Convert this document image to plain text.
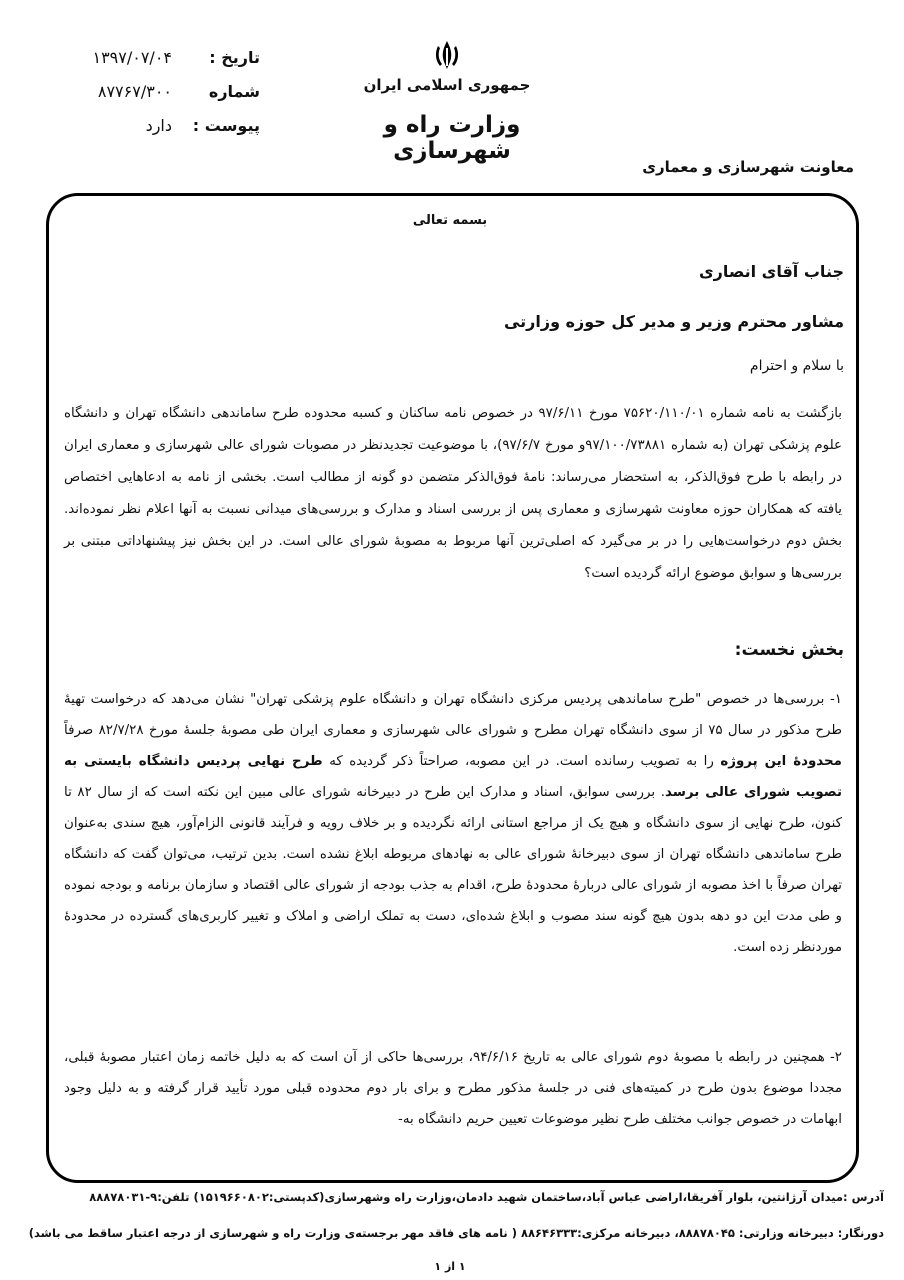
جمهوری اسلامی ایران
وزارت راه و شهرسازی
تاریخ :
۱۳۹۷/۰۷/۰۴
شماره
۸۷۷۶۷/۳۰۰
پیوست :
دارد
معاونت شهرسازی و معماری
بسمه تعالی
جناب آقای انصاری
مشاور محترم وزیر و مدیر کل حوزه وزارتی
با سلام و احترام
بازگشت به نامه شماره ۷۵۶۲۰/۱۱۰/۰۱ مورخ ۹۷/۶/۱۱ در خصوص نامه ساکنان و کسبه محدوده طرح ساماندهی دانشگاه تهران و دانشگاه علوم پزشکی تهران (به شماره ۹۷/۱۰۰/۷۳۸۸۱و مورخ ۹۷/۶/۷)، با موضوعیت تجدیدنظر در مصوبات شورای عالی شهرسازی و معماری ایران در رابطه با طرح فوق‌الذکر، به استحضار می‌رساند: نامهٔ فوق‌الذکر متضمن دو گونه از مطالب است. بخشی از نامه به ادعاهایی اختصاص یافته که همکاران حوزه معاونت شهرسازی و معماری پس از بررسی اسناد و مدارک و بررسی‌های میدانی نسبت به آنها اعلام نظر نموده‌اند. بخش دوم درخواست‌هایی را در بر می‌گیرد که اصلی‌ترین آنها مربوط به مصوبهٔ شورای عالی است. در این بخش نیز پیشنهاداتی مبتنی بر بررسی‌ها و سوابق موضوع ارائه گردیده است؟
بخش نخست:
۱- بررسی‌ها در خصوص "طرح ساماندهی پردیس مرکزی دانشگاه تهران و دانشگاه علوم پزشکی تهران" نشان می‌دهد که درخواست تهیهٔ طرح مذکور در سال ۷۵ از سوی دانشگاه تهران مطرح و شورای عالی شهرسازی و معماری ایران طی مصوبهٔ جلسهٔ مورخ ۸۲/۷/۲۸ صرفاً محدودهٔ این پروژه را به تصویب رسانده است. در این مصوبه، صراحتاً ذکر گردیده که طرح نهایی پردیس دانشگاه بایستی به تصویب شورای عالی برسد. بررسی سوابق، اسناد و مدارک این طرح در دبیرخانه شورای عالی مبین این نکته است که از سال ۸۲ تا کنون، طرح نهایی از سوی دانشگاه و هیچ یک از مراجع استانی ارائه نگردیده و بر خلاف رویه و فرآیند قانونی الزام‌آور، هیچ سندی به‌عنوان طرح ساماندهی دانشگاه تهران از سوی دبیرخانهٔ شورای عالی به نهادهای مربوطه ابلاغ نشده است. بدین ترتیب، می‌توان گفت که دانشگاه تهران صرفاً با اخذ مصوبه از شورای عالی دربارهٔ محدودهٔ طرح، اقدام به جذب بودجه از شورای عالی اقتصاد و سازمان برنامه و بودجه نموده و طی مدت این دو دهه بدون هیچ گونه سند مصوب و ابلاغ شده‌ای، دست به تملک اراضی و املاک و تغییر کاربری‌های گسترده در محدودهٔ موردنظر زده است.
۲- همچنین در رابطه با مصوبهٔ دوم شورای عالی به تاریخ ۹۴/۶/۱۶، بررسی‌ها حاکی از آن است که به دلیل خاتمه زمان اعتبار مصوبهٔ قبلی، مجددا موضوع بدون طرح در کمیته‌های فنی در جلسهٔ مذکور مطرح و برای بار دوم محدوده قبلی مورد تأیید قرار گرفته و به دلیل وجود ابهامات در خصوص جوانب مختلف طرح نظیر موضوعات تعیین حریم دانشگاه به‌-
آدرس :میدان آرژانتین، بلوار آفریقا،اراضی عباس آباد،ساختمان شهید دادمان،وزارت راه وشهرسازی(کدپستی:۱۵۱۹۶۶۰۸۰۲) تلفن:۹-۸۸۸۷۸۰۳۱
دورنگار: دبیرخانه وزارتی: ۸۸۸۷۸۰۴۵، دبیرخانه مرکزی:۸۸۶۴۶۳۳۳ ( نامه های فاقد مهر برجسته‌ی وزارت راه و شهرسازی از درجه اعتبار ساقط می باشد)
۱ از ۱
